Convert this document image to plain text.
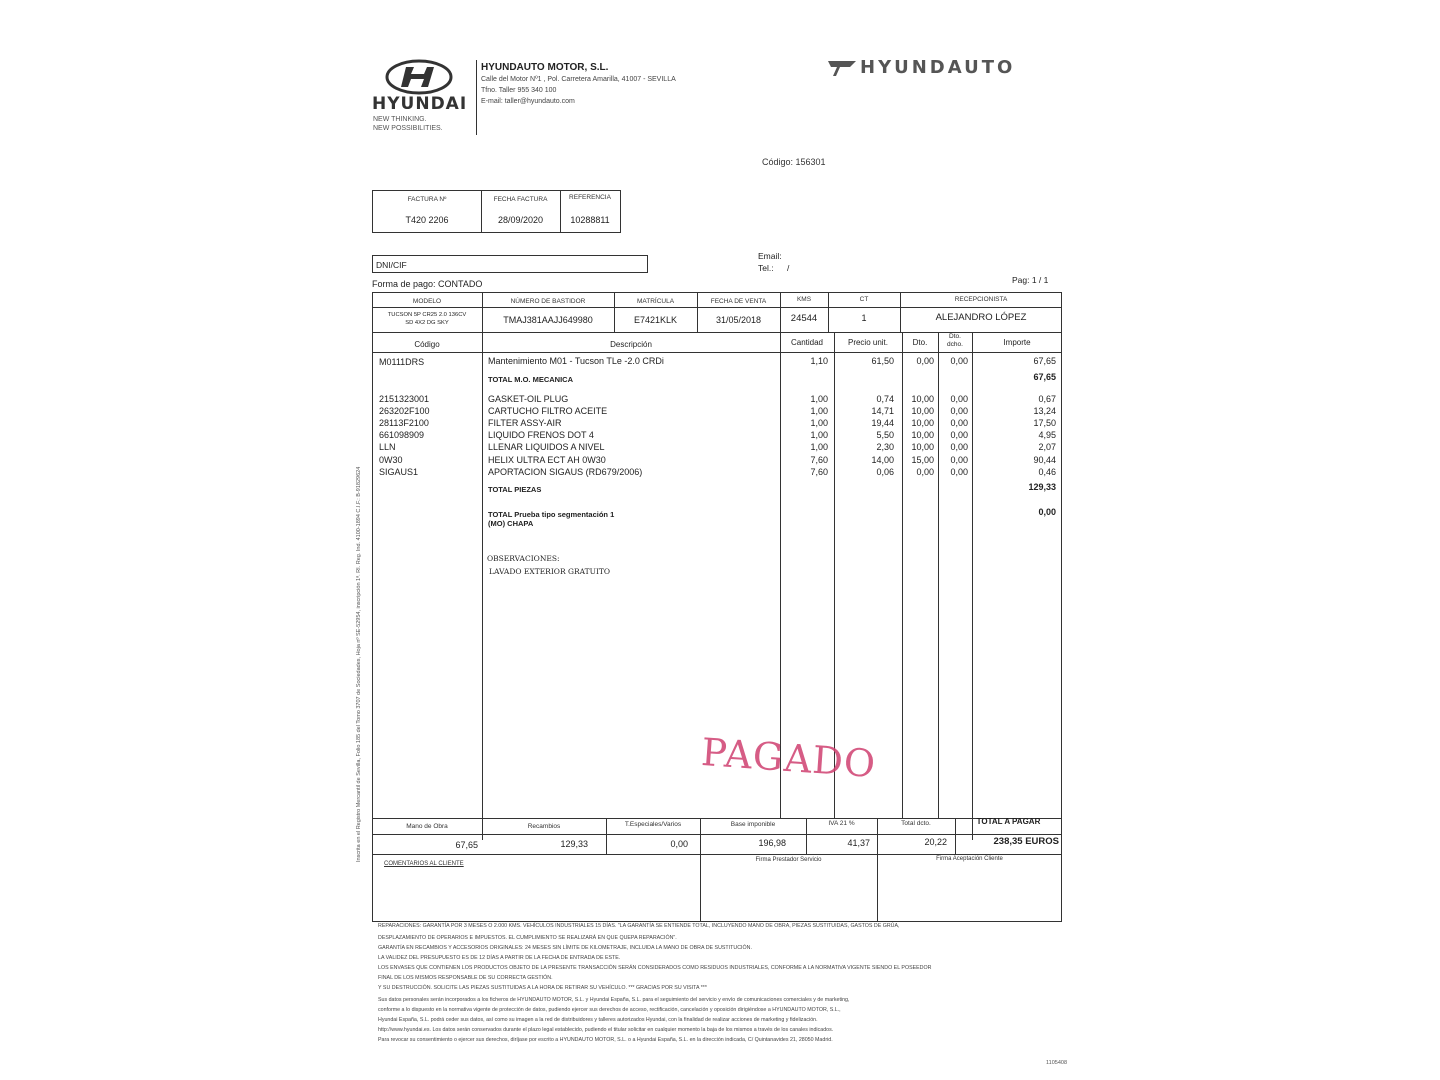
HYUNDAI
NEW THINKING.
NEW POSSIBILITIES.
HYUNDAUTO MOTOR, S.L.
Calle del Motor Nº1 , Pol. Carretera Amarilla, 41007 - SEVILLA
Tfno. Taller 955 340 100
E-mail: taller@hyundauto.com
HYUNDAUTO
Código: 156301
FACTURA Nº	FECHA FACTURA	REFERENCIA
T420 2206	28/09/2020	10288811
DNI/CIF
Email:
Tel.: /
Forma de pago: CONTADO	Pag: 1 / 1
Inscrita en el Registro Mercantil de Sevilla, Folio 185 del Tomo 3707 de Sociedades, Hoja nº SE-52954, inscripción 1ª. RI. Reg. Ind. 4100-1894 C.I.F.: B-91829624
MODELO	NÚMERO DE BASTIDOR	MATRÍCULA	FECHA DE VENTA	KMS	CT	RECEPCIONISTA
TUCSON 5P CR25 2.0 136CV
SD 4X2 DG SKY	TMAJ381AAJJ649980	E7421KLK	31/05/2018	24544	1	ALEJANDRO LÓPEZ
Código	Descripción	Cantidad	Precio unit.	Dto.
Dto.
dcho.	Importe
M0111DRS	Mantenimiento M01 - Tucson TLe -2.0 CRDi	1,10	61,50	0,00	0,00	67,65
TOTAL M.O. MECANICA	67,65
2151323001	GASKET-OIL PLUG	1,00	0,74	10,00	0,00	0,67
263202F100	CARTUCHO FILTRO ACEITE	1,00	14,71	10,00	0,00	13,24
28113F2100	FILTER ASSY-AIR	1,00	19,44	10,00	0,00	17,50
661098909	LIQUIDO FRENOS DOT 4	1,00	5,50	10,00	0,00	4,95
LLN	LLENAR LIQUIDOS A NIVEL	1,00	2,30	10,00	0,00	2,07
0W30	HELIX ULTRA ECT AH 0W30	7,60	14,00	15,00	0,00	90,44
SIGAUS1	APORTACION SIGAUS (RD679/2006)	7,60	0,06	0,00	0,00	0,46
TOTAL PIEZAS	129,33
TOTAL Prueba tipo segmentación 1
(MO) CHAPA
0,00
OBSERVACIONES:
LAVADO EXTERIOR GRATUITO
PAGADO
Mano de Obra	Recambios	T.Especiales/Varios	Base imponible	IVA 21 %	Total dcto.	TOTAL A PAGAR
67,65	129,33	0,00	196,98	41,37	20,22	238,35 EUROS
COMENTARIOS AL CLIENTE
Firma Prestador Servicio	Firma Aceptación Cliente
REPARACIONES: GARANTÍA POR 3 MESES O 2.000 KMS. VEHÍCULOS INDUSTRIALES 15 DÍAS. "LA GARANTÍA SE ENTIENDE TOTAL, INCLUYENDO MANO DE OBRA, PIEZAS SUSTITUIDAS, GASTOS DE GRÚA,
DESPLAZAMIENTO DE OPERARIOS E IMPUESTOS. EL CUMPLIMIENTO SE REALIZARÁ EN QUE QUEPA REPARACIÓN".
GARANTÍA EN RECAMBIOS Y ACCESORIOS ORIGINALES: 24 MESES SIN LÍMITE DE KILOMETRAJE, INCLUIDA LA MANO DE OBRA DE SUSTITUCIÓN.
LA VALIDEZ DEL PRESUPUESTO ES DE 12 DÍAS A PARTIR DE LA FECHA DE ENTRADA DE ESTE.
LOS ENVASES QUE CONTIENEN LOS PRODUCTOS OBJETO DE LA PRESENTE TRANSACCIÓN SERÁN CONSIDERADOS COMO RESIDUOS INDUSTRIALES, CONFORME A LA NORMATIVA VIGENTE SIENDO EL POSEEDOR
FINAL DE LOS MISMOS RESPONSABLE DE SU CORRECTA GESTIÓN.
Y SU DESTRUCCIÓN. SOLICITE LAS PIEZAS SUSTITUIDAS A LA HORA DE RETIRAR SU VEHÍCULO. *** GRACIAS POR SU VISITA ***
Sus datos personales serán incorporados a los ficheros de HYUNDAUTO MOTOR, S.L. y Hyundai España, S.L. para el seguimiento del servicio y envío de comunicaciones comerciales y de marketing,
conforme a lo dispuesto en la normativa vigente de protección de datos, pudiendo ejercer sus derechos de acceso, rectificación, cancelación y oposición dirigiéndose a HYUNDAUTO MOTOR, S.L.,
Hyundai España, S.L. podrá ceder sus datos, así como su imagen a la red de distribuidores y talleres autorizados Hyundai, con la finalidad de realizar acciones de marketing y fidelización.
http://www.hyundai.es. Los datos serán conservados durante el plazo legal establecido, pudiendo el titular solicitar en cualquier momento la baja de los mismos a través de los canales indicados.
Para revocar su consentimiento o ejercer sus derechos, diríjase por escrito a HYUNDAUTO MOTOR, S.L. o a Hyundai España, S.L. en la dirección indicada, C/ Quintanavides 21, 28050 Madrid.
1105408
